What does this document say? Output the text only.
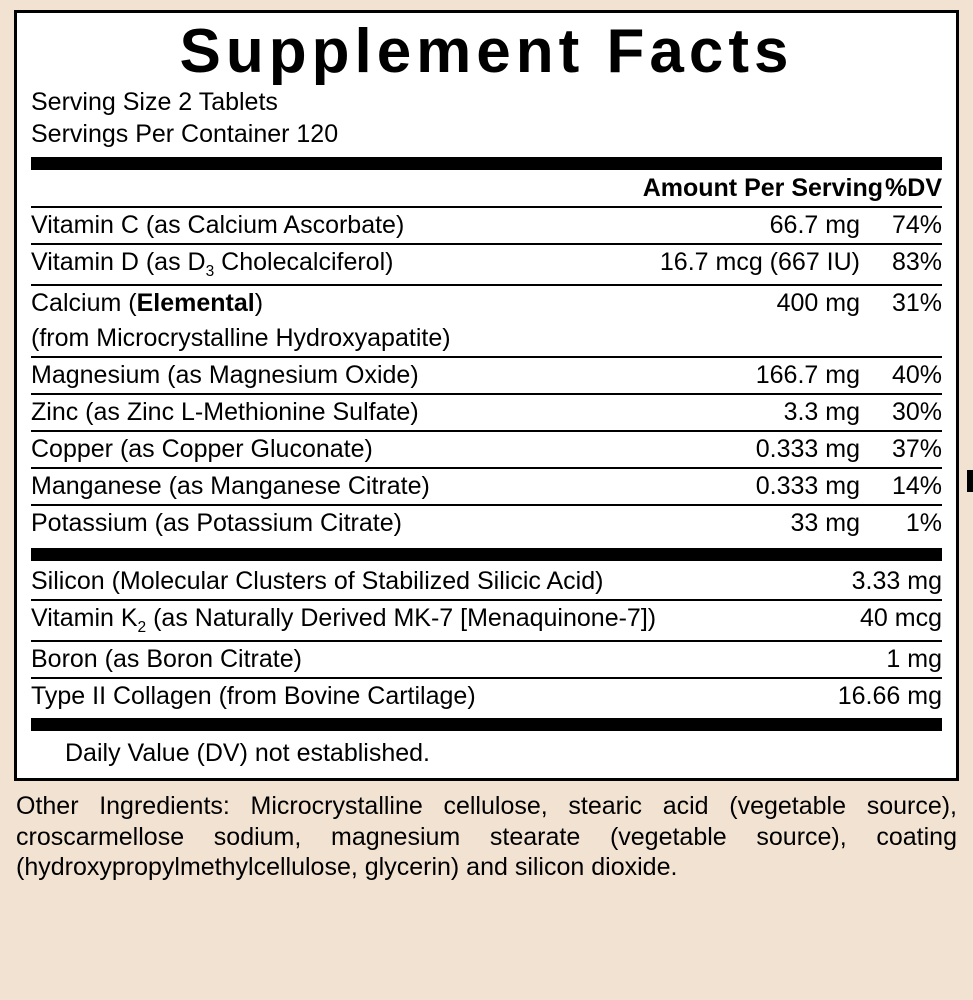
Supplement Facts
Serving Size 2 Tablets
Servings Per Container 120
Amount Per Serving %DV
Vitamin C (as Calcium Ascorbate)	66.7 mg	74%
Vitamin D (as $D_3$ Cholecalciferol)	16.7 mcg (667 IU)	83%
Calcium (Elemental)	400 mg	31%
(from Microcrystalline Hydroxyapatite)		
Magnesium (as Magnesium Oxide)	166.7 mg	40%
Zinc (as Zinc L-Methionine Sulfate)	3.3 mg	30%
Copper (as Copper Gluconate)	0.333 mg	37%
Manganese (as Manganese Citrate)	0.333 mg	14%
Potassium (as Potassium Citrate)	33 mg	1%
Silicon (Molecular Clusters of Stabilized Silicic Acid)	3.33 mg
Vitamin $K_2$ (as Naturally Derived MK-7 [Menaquinone-7])	40 mcg
Boron (as Boron Citrate)	1 mg
Type II Collagen (from Bovine Cartilage)	16.66 mg
Daily Value (DV) not established.
Other Ingredients: Microcrystalline cellulose, stearic acid (vegetable source), croscarmellose sodium, magnesium stearate (vegetable source), coating (hydroxypropylmethylcellulose, glycerin) and silicon dioxide.
